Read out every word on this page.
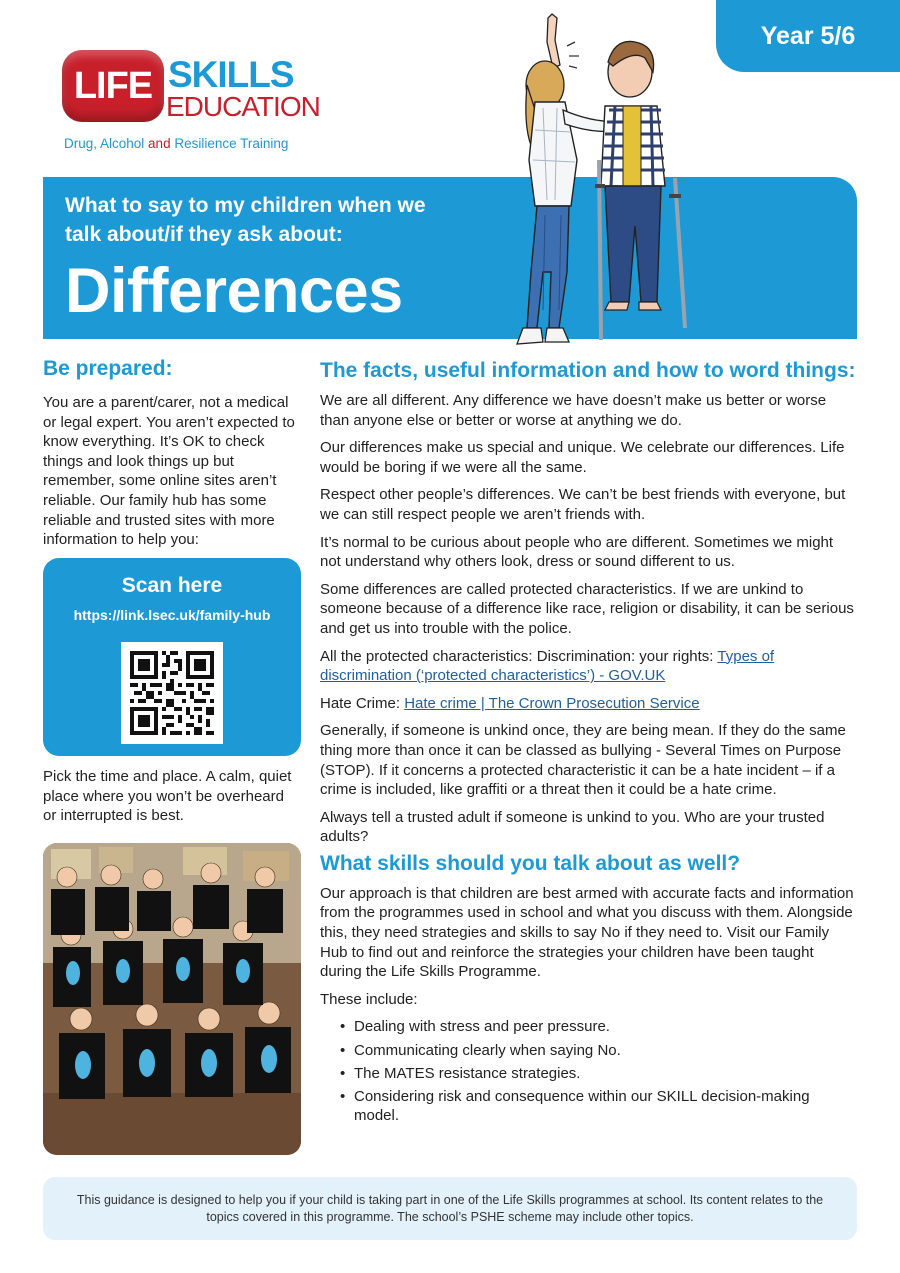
Year 5/6
LIFE SKILLS
EDUCATION
Drug, Alcohol and Resilience Training
What to say to my children when we talk about/if they ask about:
Differences
Be prepared:
You are a parent/carer, not a medical or legal expert. You aren’t expected to know everything. It’s OK to check things and look things up but remember, some online sites aren’t reliable. Our family hub has some reliable and trusted sites with more information to help you:
Scan here
https://link.lsec.uk/family-hub
Pick the time and place. A calm, quiet place where you won’t be overheard or interrupted is best.
The facts, useful information and how to word things:

We are all different. Any difference we have doesn’t make us better or worse than anyone else or better or worse at anything we do.

Our differences make us special and unique. We celebrate our differences. Life would be boring if we were all the same.

Respect other people’s differences. We can’t be best friends with everyone, but we can still respect people we aren’t friends with.

It’s normal to be curious about people who are different. Sometimes we might not understand why others look, dress or sound different to us.

Some differences are called protected characteristics. If we are unkind to someone because of a difference like race, religion or disability, it can be serious and get us into trouble with the police.

All the protected characteristics: Discrimination: your rights: Types of discrimination (‘protected characteristics’) - GOV.UK

Hate Crime: Hate crime | The Crown Prosecution Service

Generally, if someone is unkind once, they are being mean. If they do the same thing more than once it can be classed as bullying - Several Times on Purpose (STOP). If it concerns a protected characteristic it can be a hate incident – if a crime is included, like graffiti or a threat then it could be a hate crime.

Always tell a trusted adult if someone is unkind to you. Who are your trusted adults?

What skills should you talk about as well?

Our approach is that children are best armed with accurate facts and information from the programmes used in school and what you discuss with them. Alongside this, they need strategies and skills to say No if they need to. Visit our Family Hub to find out and reinforce the strategies your children have been taught during the Life Skills Programme.

These include:

• Dealing with stress and peer pressure.
• Communicating clearly when saying No.
• The MATES resistance strategies.
• Considering risk and consequence within our SKILL decision-making model.
This guidance is designed to help you if your child is taking part in one of the Life Skills programmes at school. Its content relates to the topics covered in this programme. The school’s PSHE scheme may include other topics.
